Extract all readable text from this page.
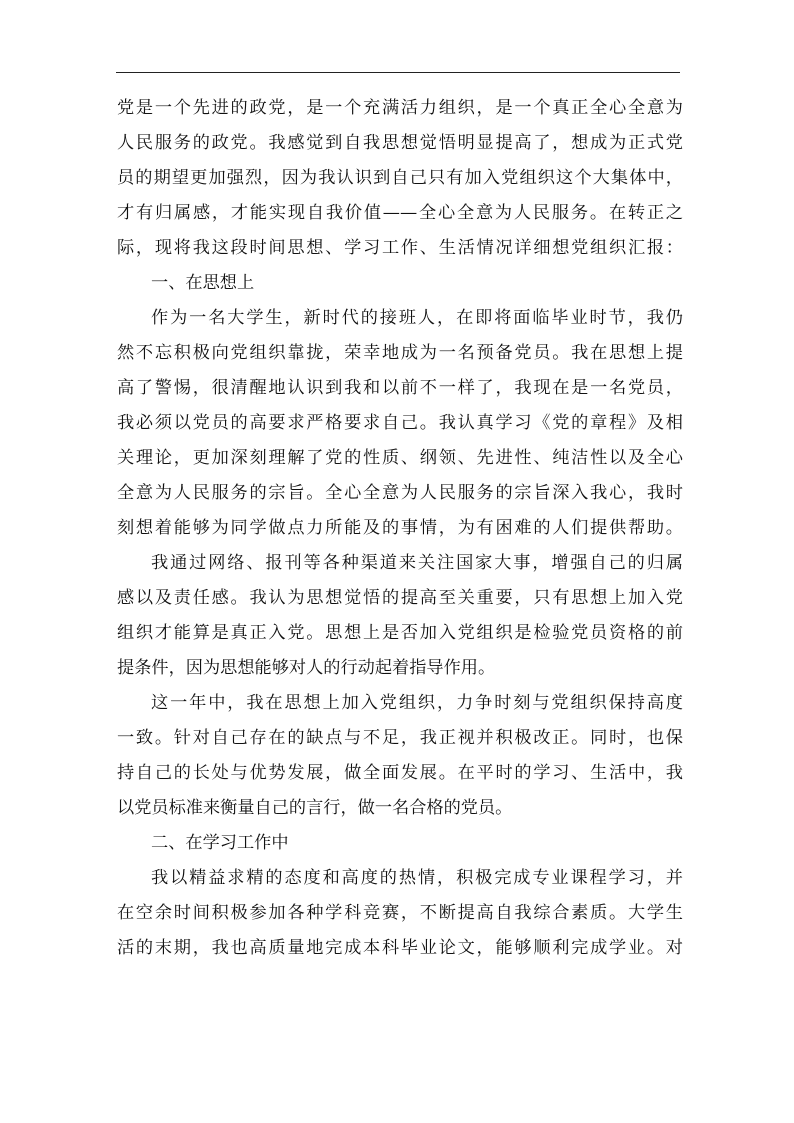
党是一个先进的政党，是一个充满活力组织，是一个真正全心全意为
人民服务的政党。我感觉到自我思想觉悟明显提高了，想成为正式党
员的期望更加强烈，因为我认识到自己只有加入党组织这个大集体中，
才有归属感，才能实现自我价值——全心全意为人民服务。在转正之
际，现将我这段时间思想、学习工作、生活情况详细想党组织汇报：
一、在思想上
作为一名大学生，新时代的接班人，在即将面临毕业时节，我仍
然不忘积极向党组织靠拢，荣幸地成为一名预备党员。我在思想上提
高了警惕，很清醒地认识到我和以前不一样了，我现在是一名党员，
我必须以党员的高要求严格要求自己。我认真学习《党的章程》及相
关理论，更加深刻理解了党的性质、纲领、先进性、纯洁性以及全心
全意为人民服务的宗旨。全心全意为人民服务的宗旨深入我心，我时
刻想着能够为同学做点力所能及的事情，为有困难的人们提供帮助。
我通过网络、报刊等各种渠道来关注国家大事，增强自己的归属
感以及责任感。我认为思想觉悟的提高至关重要，只有思想上加入党
组织才能算是真正入党。思想上是否加入党组织是检验党员资格的前
提条件，因为思想能够对人的行动起着指导作用。
这一年中，我在思想上加入党组织，力争时刻与党组织保持高度
一致。针对自己存在的缺点与不足，我正视并积极改正。同时，也保
持自己的长处与优势发展，做全面发展。在平时的学习、生活中，我
以党员标准来衡量自己的言行，做一名合格的党员。
二、在学习工作中
我以精益求精的态度和高度的热情，积极完成专业课程学习，并
在空余时间积极参加各种学科竞赛，不断提高自我综合素质。大学生
活的末期，我也高质量地完成本科毕业论文，能够顺利完成学业。对
